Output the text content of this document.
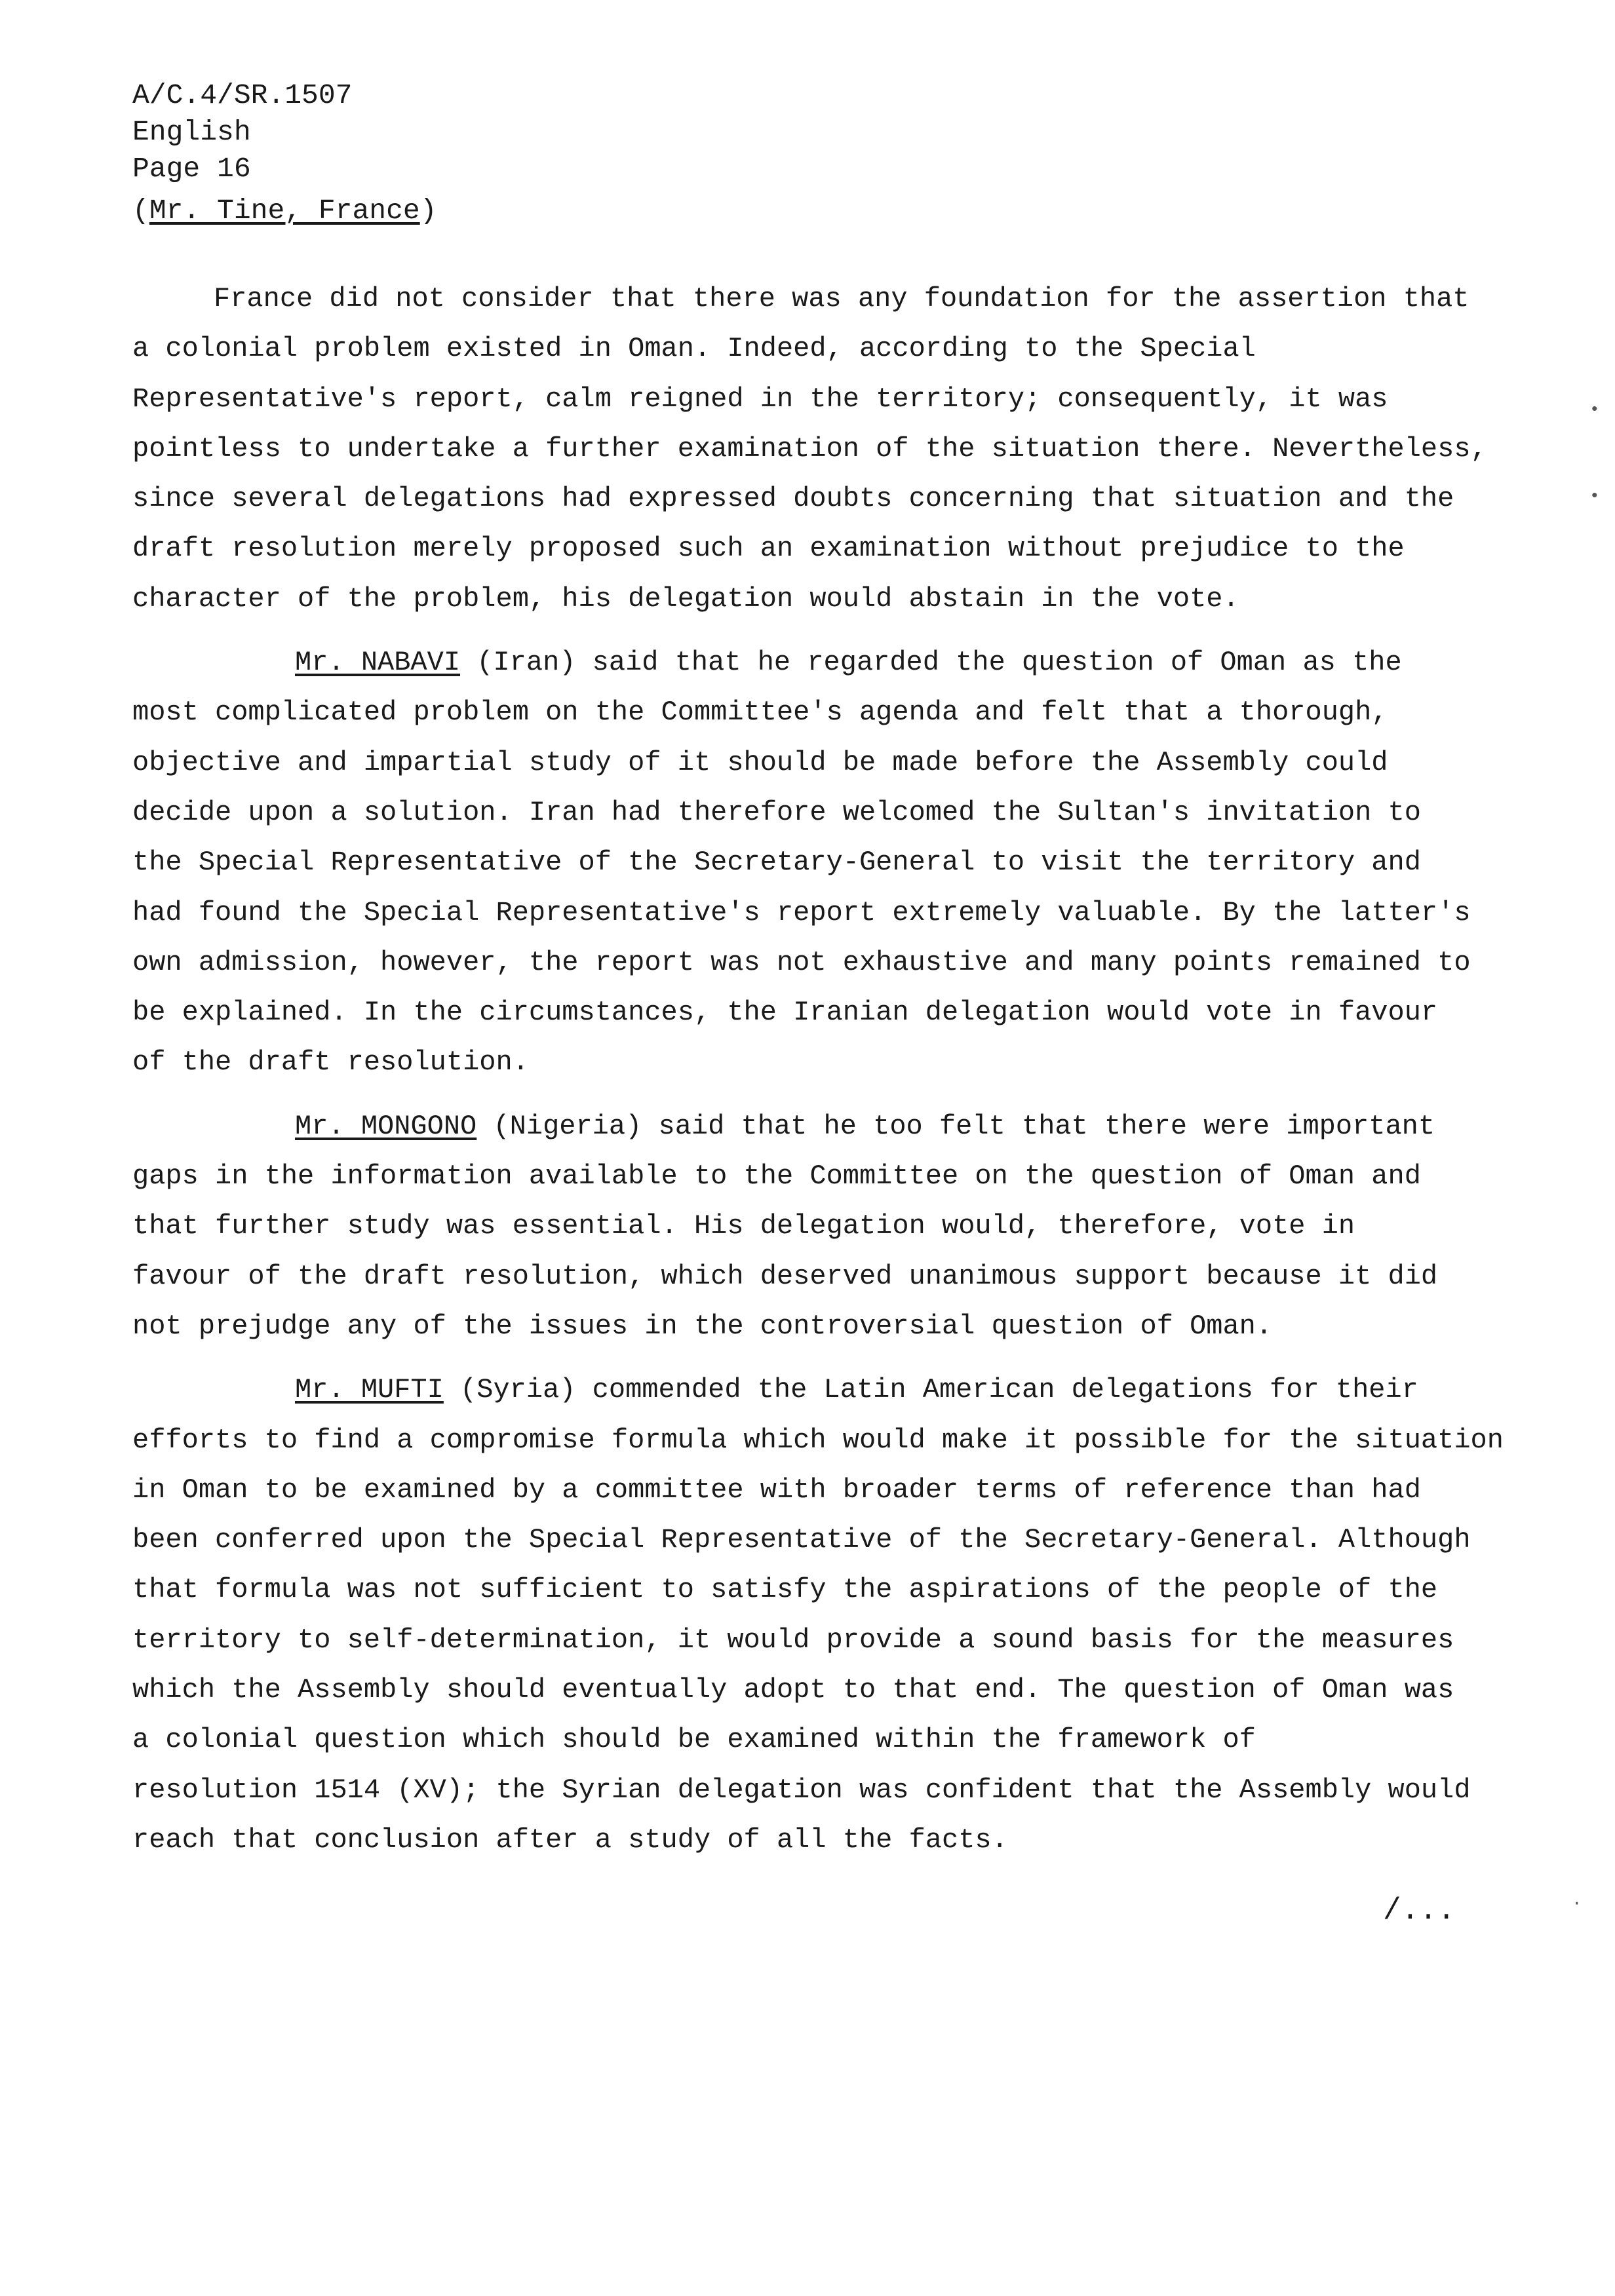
A/C.4/SR.1507
English
Page 16
(Mr. Tine, France)

France did not consider that there was any foundation for the assertion that
a colonial problem existed in Oman. Indeed, according to the Special
Representative's report, calm reigned in the territory; consequently, it was
pointless to undertake a further examination of the situation there. Nevertheless,
since several delegations had expressed doubts concerning that situation and the
draft resolution merely proposed such an examination without prejudice to the
character of the problem, his delegation would abstain in the vote.

Mr. NABAVI (Iran) said that he regarded the question of Oman as the
most complicated problem on the Committee's agenda and felt that a thorough,
objective and impartial study of it should be made before the Assembly could
decide upon a solution. Iran had therefore welcomed the Sultan's invitation to
the Special Representative of the Secretary-General to visit the territory and
had found the Special Representative's report extremely valuable. By the latter's
own admission, however, the report was not exhaustive and many points remained to
be explained. In the circumstances, the Iranian delegation would vote in favour
of the draft resolution.

Mr. MONGONO (Nigeria) said that he too felt that there were important
gaps in the information available to the Committee on the question of Oman and
that further study was essential. His delegation would, therefore, vote in
favour of the draft resolution, which deserved unanimous support because it did
not prejudge any of the issues in the controversial question of Oman.

Mr. MUFTI (Syria) commended the Latin American delegations for their
efforts to find a compromise formula which would make it possible for the situation
in Oman to be examined by a committee with broader terms of reference than had
been conferred upon the Special Representative of the Secretary-General. Although
that formula was not sufficient to satisfy the aspirations of the people of the
territory to self-determination, it would provide a sound basis for the measures
which the Assembly should eventually adopt to that end. The question of Oman was
a colonial question which should be examined within the framework of
resolution 1514 (XV); the Syrian delegation was confident that the Assembly would
reach that conclusion after a study of all the facts.

/...
•
•
·
